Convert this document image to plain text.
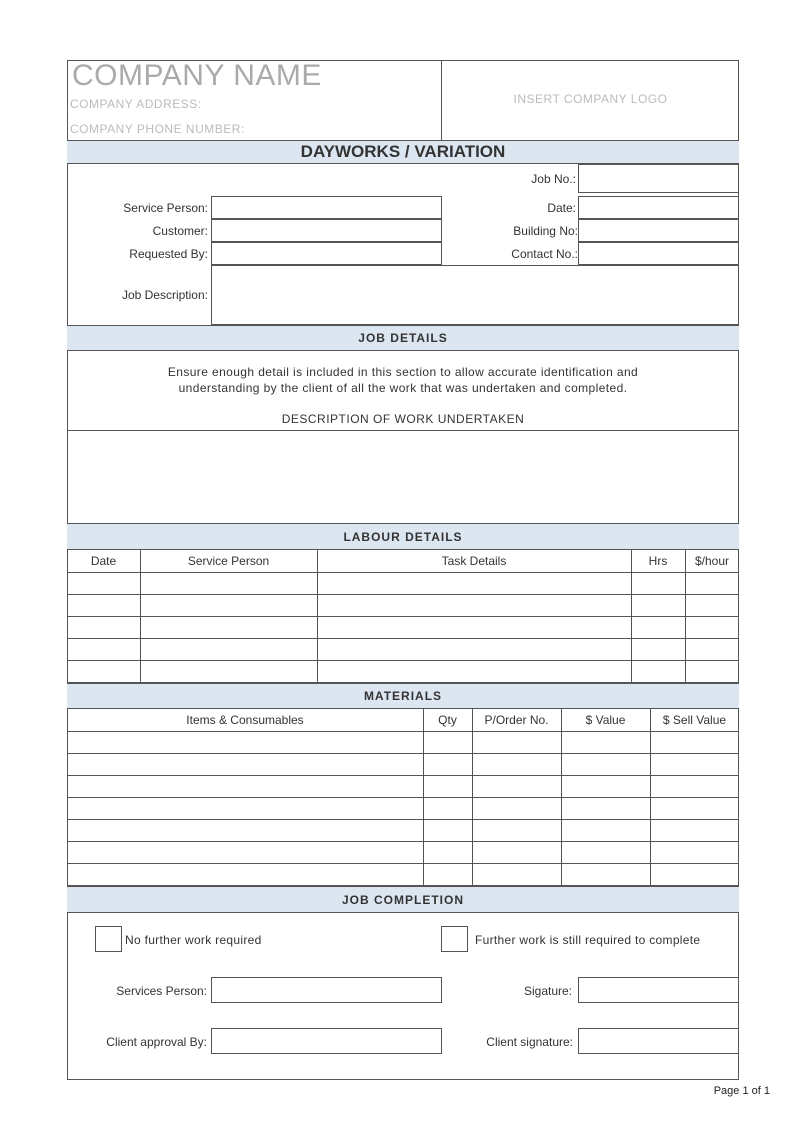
COMPANY NAME
COMPANY ADDRESS:
COMPANY PHONE NUMBER:
INSERT COMPANY LOGO
DAYWORKS / VARIATION
Job No.:
Service Person:	Date:
Customer:	Building No:
Requested By:	Contact No.:
Job Description:
JOB DETAILS
Ensure enough detail is included in this section to allow accurate identification and
understanding by the client of all the work that was undertaken and completed.
DESCRIPTION OF WORK UNDERTAKEN
LABOUR DETAILS
Date	Service Person	Task Details	Hrs	$/hour
MATERIALS
Items & Consumables	Qty	P/Order No.	$ Value	$ Sell Value
JOB COMPLETION
No further work required	Further work is still required to complete
Services Person:	Sigature:
Client approval By:	Client signature:
Page 1 of 1
